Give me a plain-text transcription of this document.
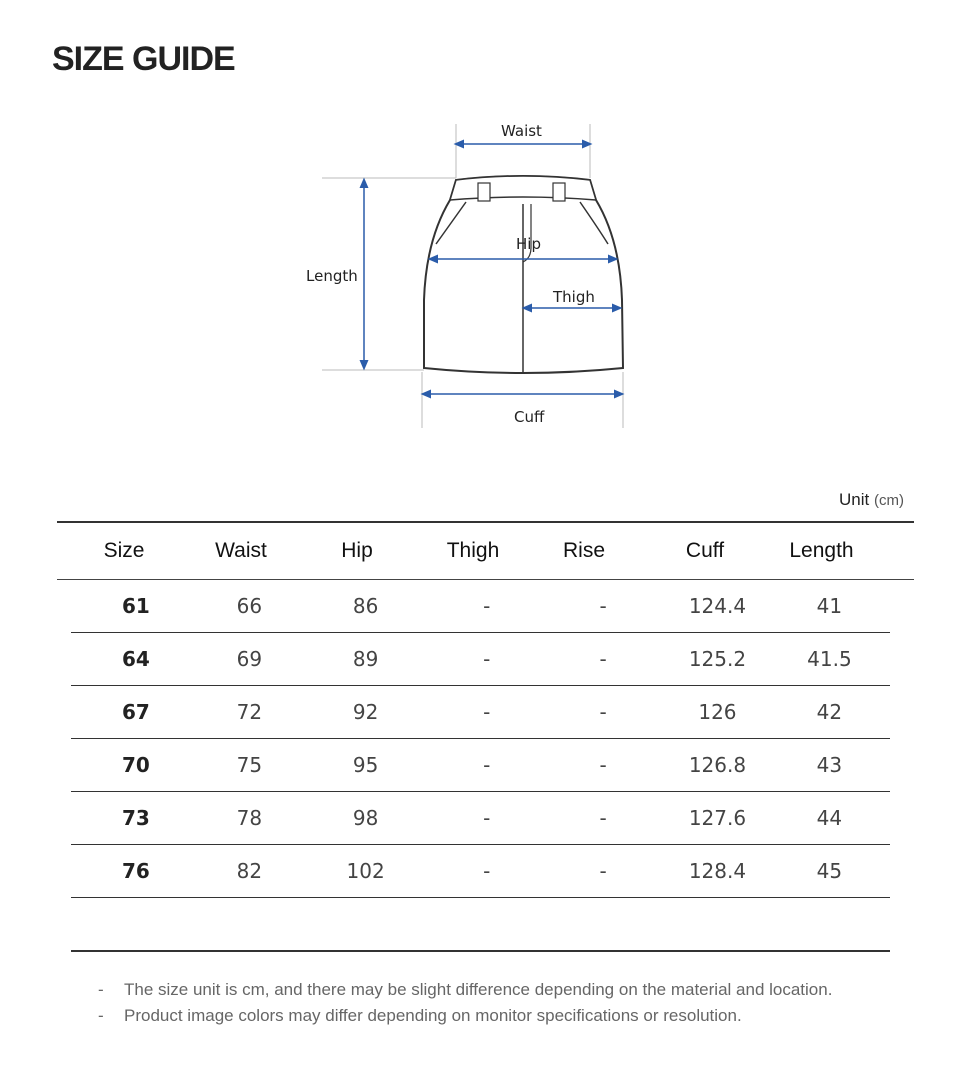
SIZE GUIDE
Waist
Hip
Thigh
Length
Cuff
Unit (cm)
Size	Waist	Hip	Thigh	Rise	Cuff	Length
61	66	86	-	-	124.4	41
64	69	89	-	-	125.2	41.5
67	72	92	-	-	126	42
70	75	95	-	-	126.8	43
73	78	98	-	-	127.6	44
76	82	102	-	-	128.4	45
-	The size unit is cm, and there may be slight difference depending on the material and location.
-	Product image colors may differ depending on monitor specifications or resolution.
